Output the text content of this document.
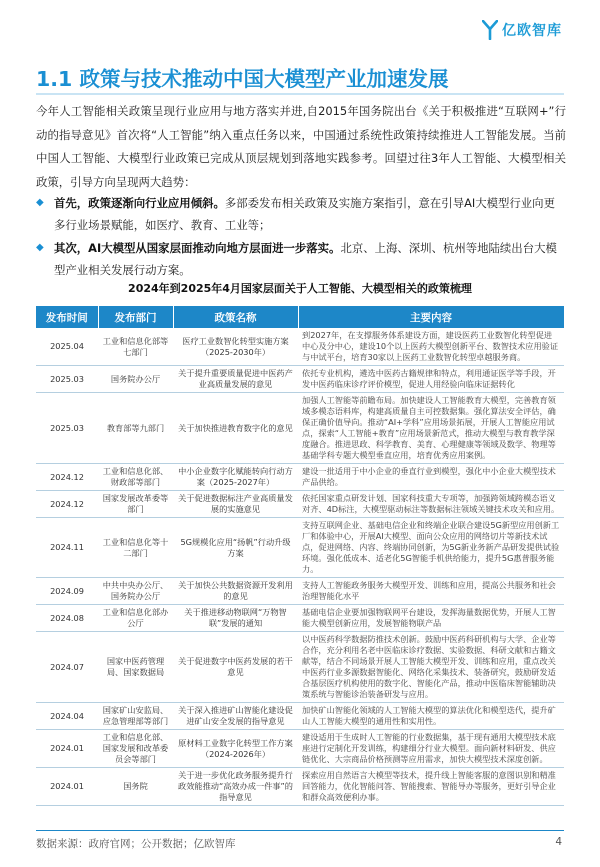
亿欧智库
1.1 政策与技术推动中国大模型产业加速发展

今年人工智能相关政策呈现行业应用与地方落实并进,自2015年国务院出台《关于积极推进“互联网+”行动的指导意见》首次将“人工智能”纳入重点任务以来，中国通过系统性政策持续推进人工智能发展。当前中国人工智能、大模型行业政策已完成从顶层规划到落地实践参考。回望过往3年人工智能、大模型相关政策，引导方向呈现两大趋势：

◆ 首先，政策逐渐向行业应用倾斜。多部委发布相关政策及实施方案指引，意在引导AI大模型行业向更多行业场景赋能，如医疗、教育、工业等；
◆ 其次，AI大模型从国家层面推动向地方层面进一步落实。北京、上海、深圳、杭州等地陆续出台大模型产业相关发展行动方案。

2024年到2025年4月国家层面关于人工智能、大模型相关的政策梳理

发布时间	发布部门	政策名称	主要内容
2025.04	工业和信息化部等七部门	医疗工业数智化转型实施方案（2025-2030年）	到2027年，在支撑服务体系建设方面，建设医药工业数智化转型促进中心及分中心，建设10个以上医药大模型创新平台、数智技术应用验证与中试平台，培育30家以上医药工业数智化转型卓越服务商。
2025.03	国务院办公厅	关于提升重要质量促进中医药产业高质量发展的意见	依托专业机构，遴选中医药古籍规律和特点，利用通证医学等手段，开发中医药临床诊疗评价模型，促进人用经验向临床证据转化
2025.03	教育部等九部门	关于加快推进教育数字化的意见	加强人工智能等前瞻布局。加快建设人工智能教育大模型，完善教育领域多模态语料库，构建高质量自主可控数据集。强化算法安全评估，确保正确价值导向。推动“AI+学科”应用场景拓展，开展人工智能应用试点，探索“人工智能+教育”应用场景新范式，推动大模型与教育教学深度融合。推进思政、科学教育、美育、心理健康等领域及数学、物理等基础学科专题大模型垂直应用，培育优秀应用案例。
2024.12	工业和信息化部、财政部等部门	中小企业数字化赋能转向行动方案（2025-2027年）	建设一批适用于中小企业的垂直行业到模型，强化中小企业大模型技术产品供给。
2024.12	国家发展改革委等部门	关于促进数据标注产业高质量发展的实施意见	依托国家重点研发计划、国家科技重大专项等，加强跨领域跨模态语义对齐、4D标注，大模型驱动标注等数据标注领域关键技术攻关和应用。
2024.11	工业和信息化等十二部门	5G规模化应用“扬帆”行动升级方案	支持互联网企业、基础电信企业和终端企业联合建设5G新型应用创新工厂和体验中心，开展AI大模型、面向公众应用的网络切片等新技术试点，促进网络、内容、终端协同创新，为5G新业务新产品研发提供试验环境。强化低成本、适老化5G智能手机供给能力，提升5G惠普服务能力。
2024.09	中共中央办公厅、国务院办公厅	关于加快公共数据资源开发利用的意见	支持人工智能政务服务大模型开发、训练和应用，提高公共服务和社会治理智能化水平
2024.08	工业和信息化部办公厅	关于推进移动物联网“万物智联”发展的通知	基础电信企业要加强物联网平台建设，发挥海量数据优势，开展人工智能大模型创新应用，发展智能物联产品
2024.07	国家中医药管理局、国家数据局	关于促进数字中医药发展的若干意见	以中医药科学数据防推技术创新。鼓励中医药科研机构与大学、企业等合作，充分利用名老中医临床诊疗数据、实验数据、科研文献和古籍文献等，结合不同场景开展人工智能大模型开发、训练和应用，重点改关中医药行业多源数据智能化、网络化采集技术、装备研究，鼓励研发适合基层医疗机构使用的数字化、智能化产品，推动中医临床智能辅助决策系统与智能诊治装备研发与应用。
2024.04	国家矿山安监局、应急管理部等部门	关于深入推进矿山智能化建设促进矿山安全发展的指导意见	加快矿山智能化领域的人工智能大模型的算法优化和模型迭代，提升矿山人工智能大模型的通用性和实用性。
2024.01	工业和信息化部、国家发展和改革委员会等部门	原材料工业数字化转型工作方案（2024-2026年）	建设适用于生成时人工智能的行业数据集，基于现有通用大模型技术底座进行定制化开发训练，构建细分行业大模型。面向新材料研发、供应链优化、大宗商品价格预测等应用需求，加快大模型技术深度创新。
2024.01	国务院	关于进一步优化政务服务提升行政效能推动“高效办成一件事”的指导意见	探索应用自然语言大模型等技术，提升线上智能客服的意图识别和精准回答能力，优化智能问答、智能搜索、智能导办等服务，更好引导企业和群众高效便利办事。
数据来源：政府官网；公开数据；亿欧智库	4
